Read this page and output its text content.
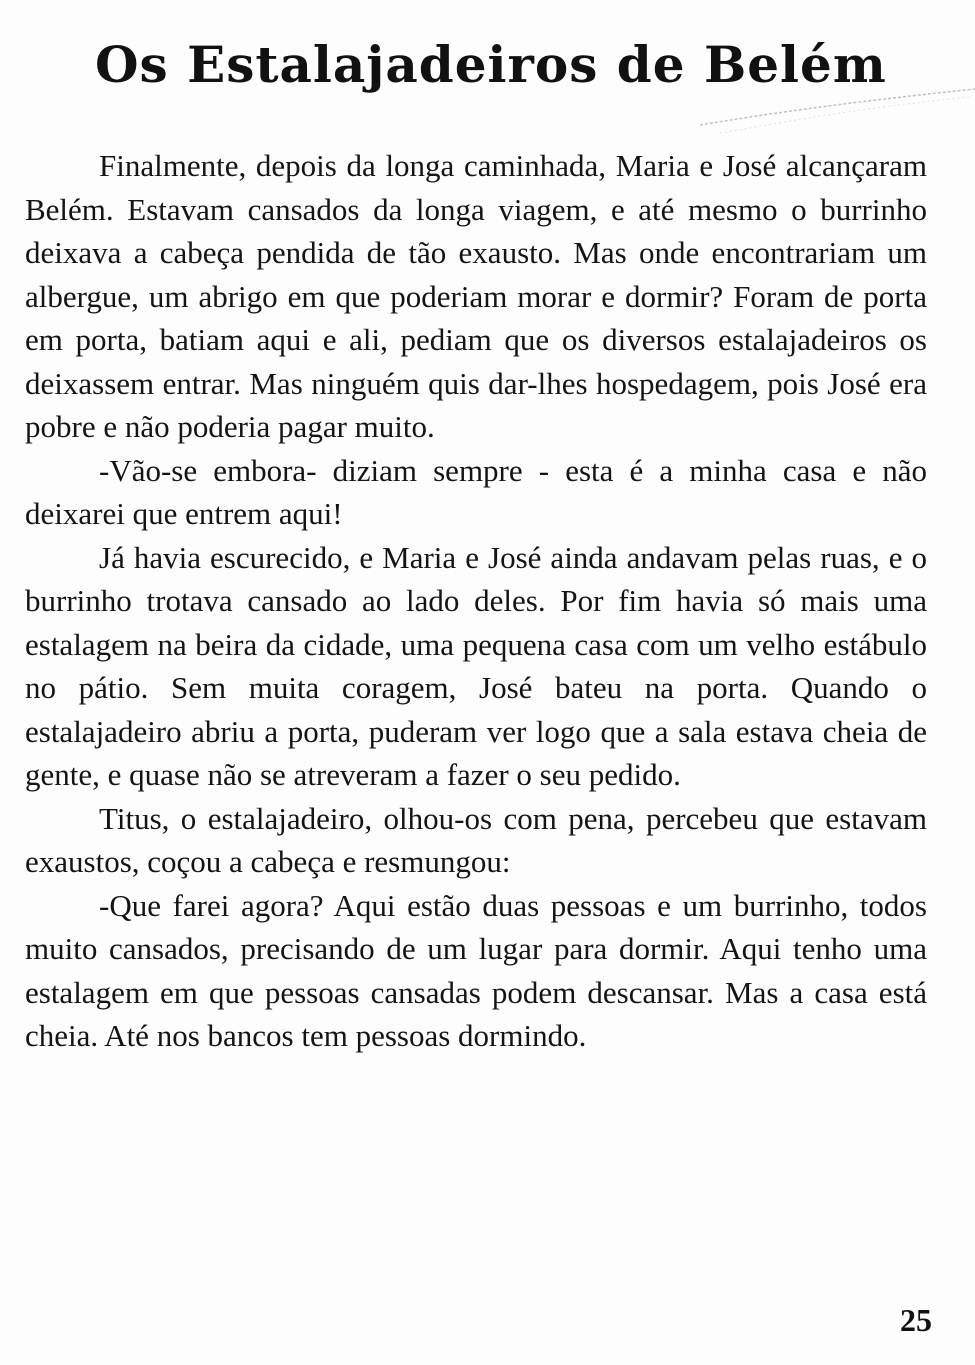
Os Estalajadeiros de Belém

Finalmente, depois da longa caminhada, Maria e José alcançaram Belém. Estavam cansados da longa viagem, e até mesmo o burrinho deixava a cabeça pendida de tão exausto. Mas onde encontrariam um albergue, um abrigo em que poderiam morar e dormir? Foram de porta em porta, batiam aqui e ali, pediam que os diversos estalajadeiros os deixassem entrar. Mas ninguém quis dar-lhes hospedagem, pois José era pobre e não poderia pagar muito.

-Vão-se embora- diziam sempre - esta é a minha casa e não deixarei que entrem aqui!

Já havia escurecido, e Maria e José ainda andavam pelas ruas, e o burrinho trotava cansado ao lado deles. Por fim havia só mais uma estalagem na beira da cidade, uma pequena casa com um velho estábulo no pátio. Sem muita coragem, José bateu na porta. Quando o estalajadeiro abriu a porta, puderam ver logo que a sala estava cheia de gente, e quase não se atreveram a fazer o seu pedido.

Titus, o estalajadeiro, olhou-os com pena, percebeu que estavam exaustos, coçou a cabeça e resmungou:

-Que farei agora? Aqui estão duas pessoas e um burrinho, todos muito cansados, precisando de um lugar para dormir. Aqui tenho uma estalagem em que pessoas cansadas podem descansar. Mas a casa está cheia. Até nos bancos tem pessoas dormindo.

25
